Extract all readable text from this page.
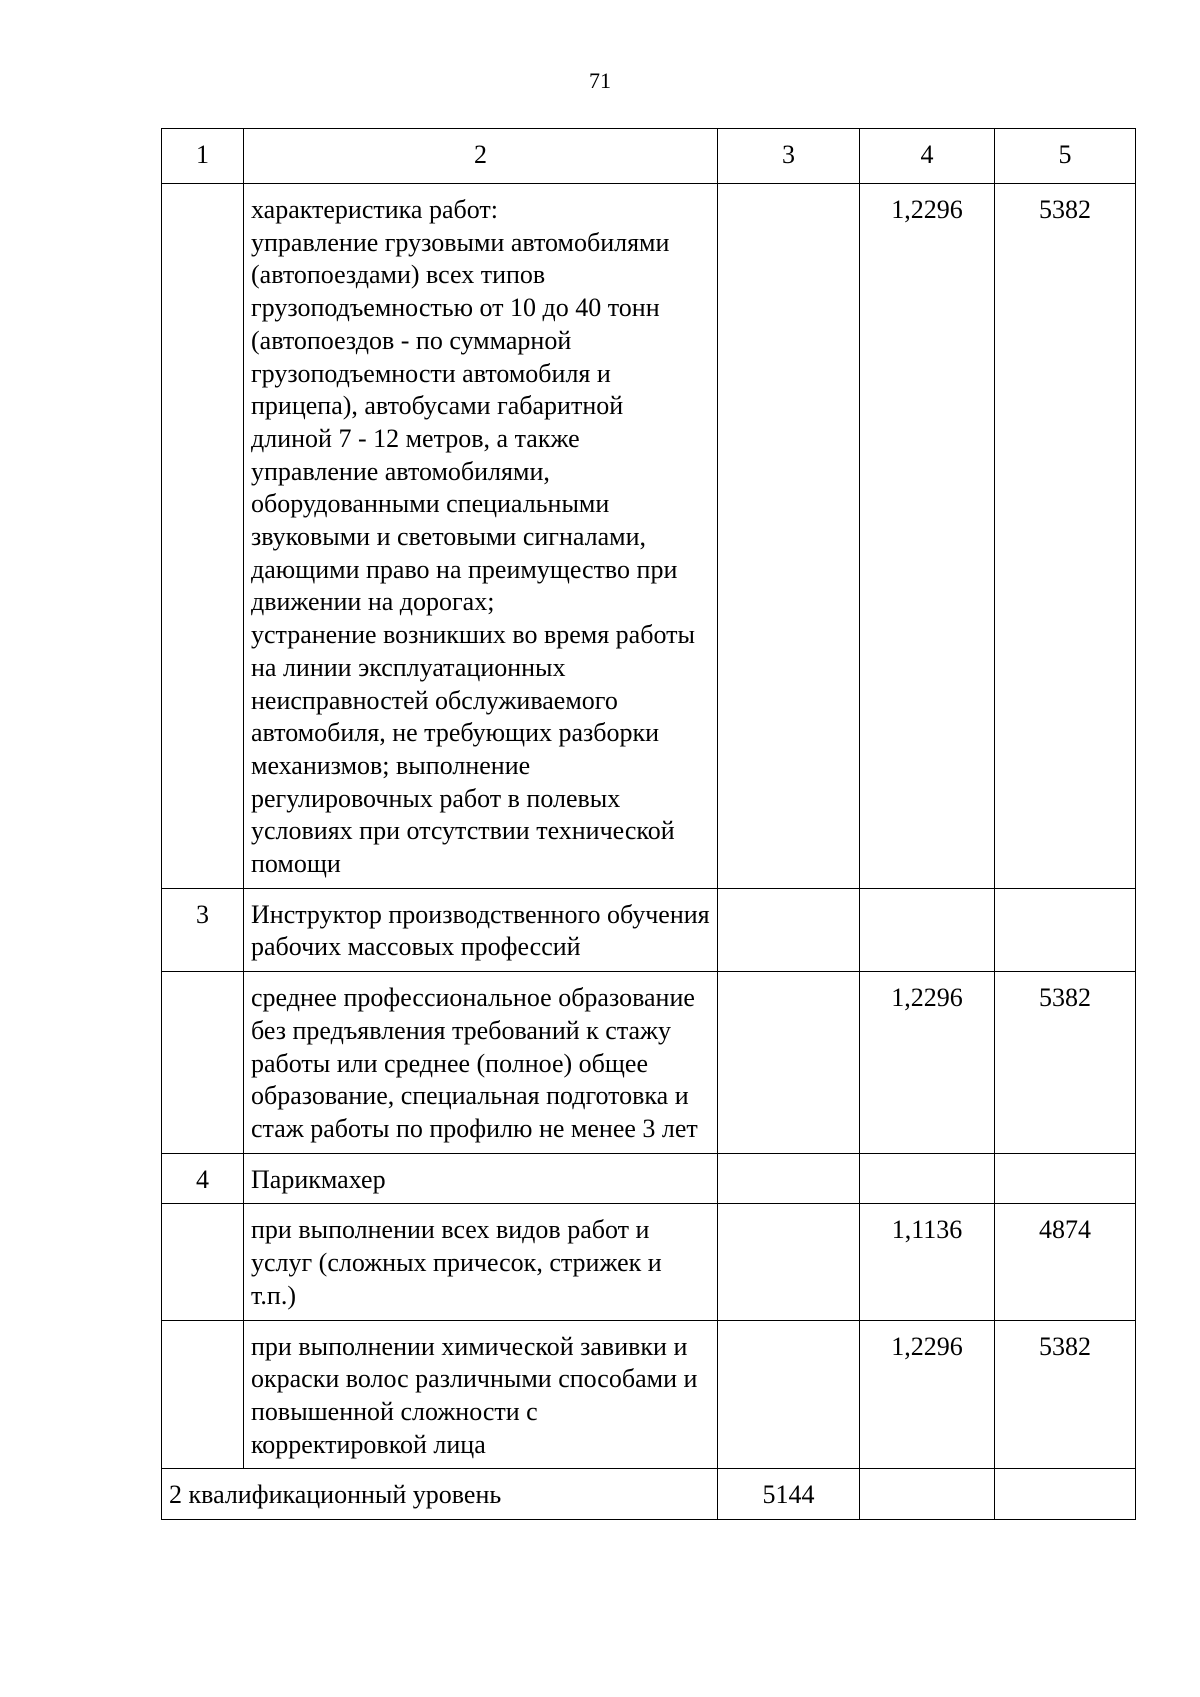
71
1	2	3	4	5
	характеристика работ:
управление грузовыми автомобилями (автопоездами) всех типов грузоподъемностью от 10 до 40 тонн (автопоездов - по суммарной грузоподъемности автомобиля и прицепа), автобусами габаритной длиной 7 - 12 метров, а также управление автомобилями, оборудованными специальными звуковыми и световыми сигналами, дающими право на преимущество при движении на дорогах;
устранение возникших во время работы на линии эксплуатационных неисправностей обслуживаемого автомобиля, не требующих разборки механизмов; выполнение регулировочных работ в полевых условиях при отсутствии технической помощи		1,2296	5382
3	Инструктор производственного обучения рабочих массовых профессий			
	среднее профессиональное образование без предъявления требований к стажу работы или среднее (полное) общее образование, специальная подготовка и стаж работы по профилю не менее 3 лет		1,2296	5382
4	Парикмахер			
	при выполнении всех видов работ и услуг (сложных причесок, стрижек и т.п.)		1,1136	4874
	при выполнении химической завивки и окраски волос различными способами и повышенной сложности с корректировкой лица		1,2296	5382
2 квалификационный уровень		5144		
